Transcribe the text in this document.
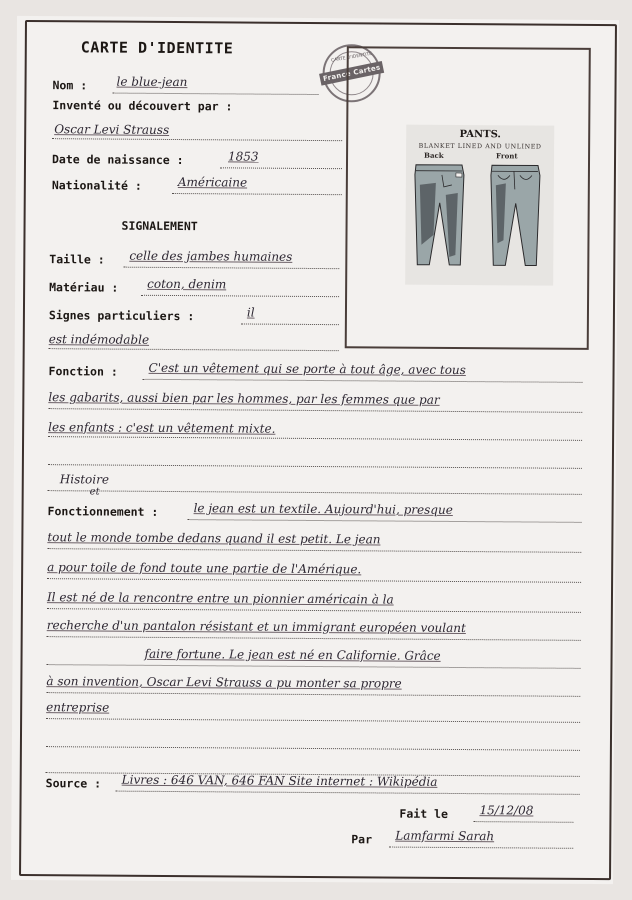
CARTE D'IDENTITE
CARTE D'IDENTITE
France Cartes
PANTS.
BLANKET LINED AND UNLINED
Back	Front
Nom : le blue-jean
Inventé ou découvert par :
Oscar Levi Strauss
Date de naissance :	1853
Nationalité :	Américaine
SIGNALEMENT
Taille : celle des jambes humaines
Matériau : coton, denim
Signes particuliers :	il
est indémodable
Fonction :	C'est un vêtement qui se porte à tout âge, avec tous
les gabarits, aussi bien par les hommes, par les femmes que par
les enfants : c'est un vêtement mixte.
Histoire
et
Fonctionnement :	le jean est un textile. Aujourd'hui, presque
tout le monde tombe dedans quand il est petit. Le jean
a pour toile de fond toute une partie de l'Amérique.
Il est né de la rencontre entre un pionnier américain à la
recherche d'un pantalon résistant et un immigrant européen voulant
faire fortune. Le jean est né en Californie. Grâce
à son invention, Oscar Levi Strauss a pu monter sa propre
entreprise
Source : Livres : 646 VAN, 646 FAN Site internet : Wikipédia
Fait le	15/12/08
Par Lamfarmi Sarah
